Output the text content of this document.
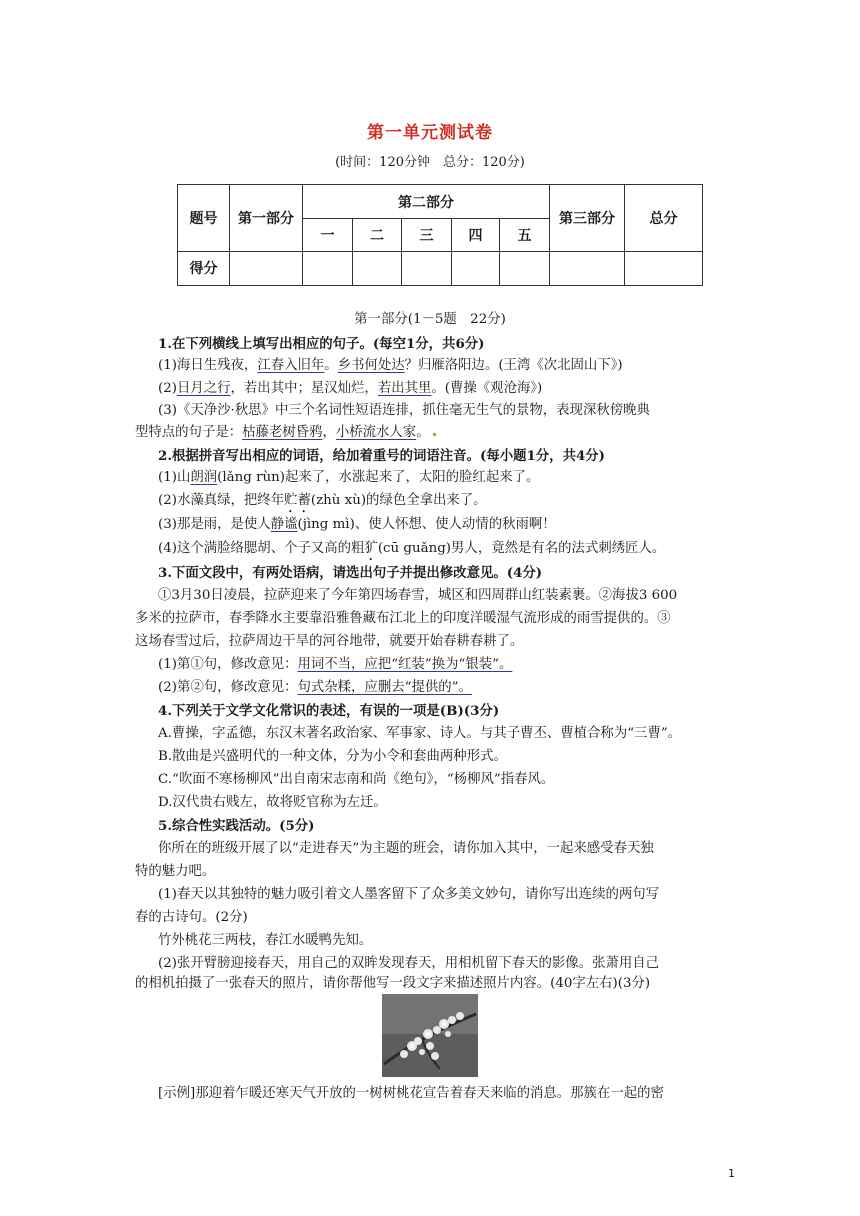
第一单元测试卷
(时间：120分钟　总分：120分)
题号	第一部分	第二部分					第三部分	总分
		一	二	三	四	五		
得分								
第一部分(1－5题　22分)
1.在下列横线上填写出相应的句子。(每空1分，共6分)
(1)海日生残夜，江春入旧年。乡书何处达？归雁洛阳边。(王湾《次北固山下》)
(2)日月之行，若出其中；星汉灿烂，若出其里。(曹操《观沧海》)
(3)《天净沙·秋思》中三个名词性短语连排，抓住毫无生气的景物，表现深秋傍晚典
型特点的句子是：枯藤老树昏鸦，小桥流水人家。
2.根据拼音写出相应的词语，给加着重号的词语注音。(每小题1分，共4分)
(1)山朗润(lǎng rùn)起来了，水涨起来了，太阳的脸红起来了。
(2)水藻真绿，把终年贮蓄(zhù xù)的绿色全拿出来了。
(3)那是雨，是使人静谧(jìng mì)、使人怀想、使人动情的秋雨啊！
(4)这个满脸络腮胡、个子又高的粗犷(cū guǎng)男人，竟然是有名的法式刺绣匠人。
3.下面文段中，有两处语病，请选出句子并提出修改意见。(4分)
①3月30日凌晨，拉萨迎来了今年第四场春雪，城区和四周群山红装素裹。②海拔3 600
多米的拉萨市，春季降水主要靠沿雅鲁藏布江北上的印度洋暖湿气流形成的雨雪提供的。③
这场春雪过后，拉萨周边干旱的河谷地带，就要开始春耕春耕了。
(1)第①句，修改意见：用词不当，应把“红装”换为“银装”。
(2)第②句，修改意见：句式杂糅，应删去“提供的”。
4.下列关于文学文化常识的表述，有误的一项是(B)(3分)
A.曹操，字孟德，东汉末著名政治家、军事家、诗人。与其子曹丕、曹植合称为“三曹”。
B.散曲是兴盛明代的一种文体，分为小令和套曲两种形式。
C.“吹面不寒杨柳风”出自南宋志南和尚《绝句》，“杨柳风”指春风。
D.汉代贵右贱左，故将贬官称为左迁。
5.综合性实践活动。(5分)
你所在的班级开展了以“走进春天”为主题的班会，请你加入其中，一起来感受春天独
特的魅力吧。
(1)春天以其独特的魅力吸引着文人墨客留下了众多美文妙句，请你写出连续的两句写
春的古诗句。(2分)
竹外桃花三两枝，春江水暖鸭先知。
(2)张开臂膀迎接春天，用自己的双眸发现春天，用相机留下春天的影像。张萧用自己
的相机拍摄了一张春天的照片，请你帮他写一段文字来描述照片内容。(40字左右)(3分)
[示例]那迎着乍暖还寒天气开放的一树树桃花宣告着春天来临的消息。那簇在一起的密
1
